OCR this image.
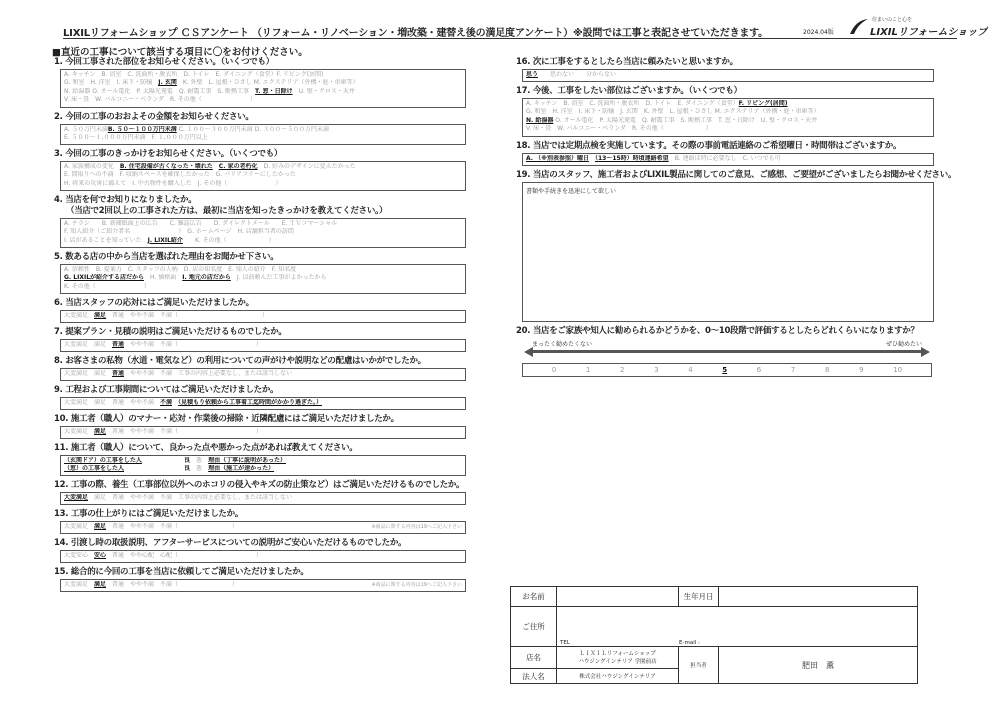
LIXILリフォームショップ ＣＳアンケート （リフォーム・リノベーション・増改築・建替え後の満足度アンケート）※設問では工事と表記させていただきます。	2024.04版
住まいのこと心を
LIXILリフォームショップ
■直近の工事について該当する項目に〇をお付けください。
1. 今回工事された部位をお知らせください。（いくつでも）
A. キッチン　B. 浴室　C. 洗面所・脱衣所　D. トイレ　E. ダイニング（食堂）F. リビング(居間)
G. 和室　H. 洋室　I. 床下・防犠　J. 玄関　K. 外壁　L. 屋根・ひさし M. エクステリア（外構・庭・車庫等）
N. 給湯器 O. オール電化　P. 太陽光発電　Q. 耐震工事　S. 断熱工事　T. 窓・日除け　U. 壁・クロス・天井
V. 床・畳　W. バルコニー・ベランダ　R. その他（　　　　　　　　）
2. 今回の工事のおおよその金額をお知らせください。
A. ５０万円未満B. ５０～１００万円未満 C. １００～３００万円未満 D. ３００～５００万円未満
E. ５００～１,０００万円未満　F. １,０００万円以上
3. 今回の工事のきっかけをお知らせください。（いくつでも）
A. 家族構成の変化　B. 住宅設備が古くなった・壊れた　 C. 家の老朽化　D. 好みのデザインに変えたかった
E. 間取りへの不満　F. 収納スペースを確保したかった　G. バリアフリーにしたかった
H. 将来の災害に備えて　I. 中古物件を購入した　J. その他（　　　　　　　　）
4. 当店を何でお知りになりましたか。
（当店で2回以上の工事された方は、最初に当店を知ったきっかけを教えてください。）
A. チラシ　　B. 新聞紙面上の広告　　C. 雑誌広告　　D. ダイレクトメール　　E. ＴＶコマーシャル
F. 知人紹介（ご紹介者名　　　　　　　　）　G. ホームページ　H. 店舗担当者の訪問
I. 店があることを知っていた　J. LIXIL紹介　　K. その他（　　　　　　　）
5. 数ある店の中から当店を選ばれた理由をお聞かせ下さい。
A. 信頼性　B. 提案力　C. スタッフの人柄　D. 店の知名度　E. 知人の紹介　F. 知名度
G. LIXILが紹介する店だから　H. 価格面　I. 地元の店だから　J. 以前頼んだ工事がよかったから
K. その他（　　　　　　　　）
6. 当店スタッフの応対にはご満足いただけましたか。
大変満足　満足　普通　やや不満　不満（　　　　　　　　　　　　　　）
7. 提案プラン・見積の説明はご満足いただけるものでしたか。
大変満足　満足　普通　やや不満　不満（　　　　　　　　　　　　　）
8. お客さまの私物（水道・電気など）の利用についての声がけや説明などの配慮はいかがでしたか。
大変満足　満足　普通　やや不満　不満　工事の内容上必要なし、または該当しない
9. 工程および工事期間についてはご満足いただけましたか。
大変満足　満足　普通　やや不満　不満　 （見積もり依頼から工事着工迄時間がかかり過ぎた。）
10. 施工者（職人）のマナー・応対・作業後の掃除・近隣配慮にはご満足いただけましたか。
大変満足　満足　普通　やや不満　不満（　　　　　　　　　　　　　）
11. 施工者（職人）について、良かった点や悪かった点があれば教えてください。
（玄関ドア）の工事をした人	良　 悪　 理由（丁寧に説明があった）
（窓）の工事をした人	良　 悪　 理由（施工が速かった）
12. 工事の際、養生（工事部位以外へのホコリの侵入やキズの防止策など）はご満足いただけるものでしたか。
大変満足　満足　普通　やや不満　不満　工事の内容上必要なし、または該当しない
13. 工事の仕上がりにはご満足いただけましたか。
大変満足　満足　普通　やや不満　不満（　　　　　　　　　）	※商品に関する内容は19へご記入下さい
14. 引渡し時の取扱説明、アフターサービスについての説明がご安心いただけるものでしたか。
大変安心　安心　普通　やや心配　心配（　　　　　　　　　　　　　）
15. 総合的に今回の工事を当店に依頼してご満足いただけましたか。
大変満足　満足　普通　やや不満　不満（　　　　　　　　　）	※商品に関する内容は19へご記入下さい
16. 次に工事をするとしたら当店に頼みたいと思いますか。
思う　　思わない　　分からない
17. 今後、工事をしたい部位はございますか。（いくつでも）
A. キッチン　B. 浴室　C. 洗面所・脱衣所　D. トイレ　E. ダイニング（食堂）F. リビング(居間)
G. 和室　H. 洋室　I. 床下・防犠　J. 玄関　K. 外壁　L. 屋根・ひさし M. エクステリア（外構・庭・車庫等）
N. 給湯器 O. オール電化　P. 太陽光発電　Q. 耐震工事　S. 断熱工事　T. 窓・日除け　U. 壁・クロス・天井
V. 床・畳　W. バルコニー・ベランダ　R. その他（　　　　　　　）
18. 当店では定期点検を実施しています。その際の事前電話連絡のご希望曜日・時間帯はございますか。
A. （※別表参照）曜日　 （13～15時）時頃連絡希望　B. 連絡は特に必要なし　C. いつでも可
19. 当店のスタッフ、施工者およびLIXIL製品に関してのご意見、ご感想、ご要望がございましたらお聞かせください。
書類や手続きを迅速にして欲しい
20. 当店をご家族や知人に勧められるかどうかを、0～10段階で評価するとしたらどれくらいになりますか？
まったく勧めたくない	ぜひ勧めたい
0	1	2	3	4	5	6	7	8	9	10
お名前		生年月日	
ご住所	TEL E-mail :		

店名	ＬＩＸＩＬリフォームショップ
ハウジングインテリア 学園前店	担当者	肥田　薫
法人名	株式会社ハウジングインテリア		
